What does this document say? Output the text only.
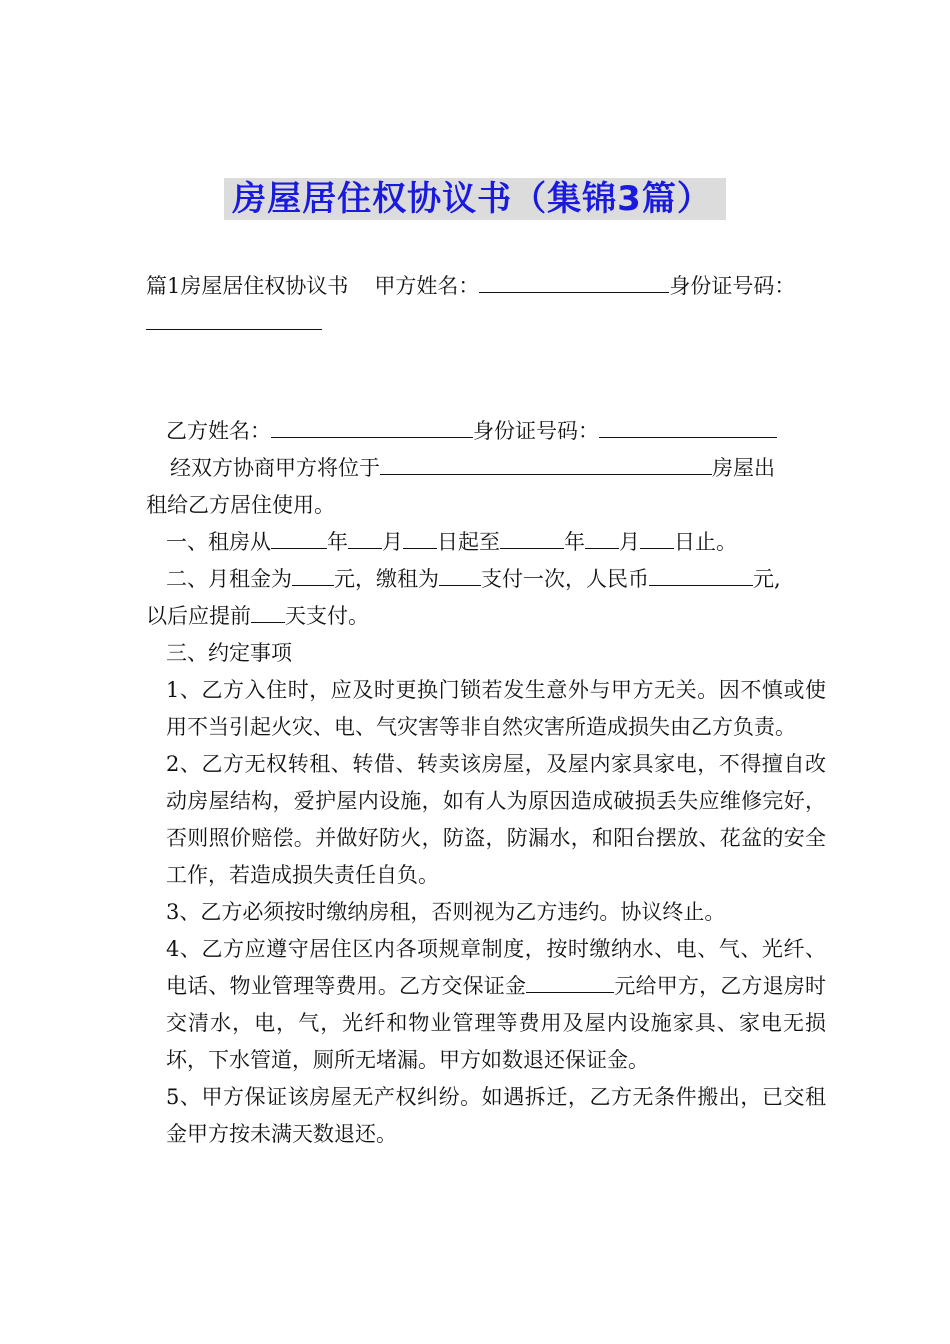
房屋居住权协议书（集锦3篇）
篇1房屋居住权协议书 甲方姓名：	身份证号码：
乙方姓名：	身份证号码：
经双方协商甲方将位于	房屋出
租给乙方居住使用。
一、租房从	年 月 日起至	年 月 日止。
二、月租金为 元，缴租为 支付一次，人民币	元,
以后应提前 天支付。
三、约定事项
1、乙方入住时，应及时更换门锁若发生意外与甲方无关。因不慎或使用不当引起火灾、电、气灾害等非自然灾害所造成损失由乙方负责。
2、乙方无权转租、转借、转卖该房屋，及屋内家具家电，不得擅自改动房屋结构，爱护屋内设施，如有人为原因造成破损丢失应维修完好，否则照价赔偿。并做好防火，防盗，防漏水，和阳台摆放、花盆的安全工作，若造成损失责任自负。
3、乙方必须按时缴纳房租，否则视为乙方违约。协议终止。
4、乙方应遵守居住区内各项规章制度，按时缴纳水、电、气、光纤、电话、物业管理等费用。乙方交保证金	元给甲方，乙方退房时交清水，电，气，光纤和物业管理等费用及屋内设施家具、家电无损坏，下水管道，厕所无堵漏。甲方如数退还保证金。
5、甲方保证该房屋无产权纠纷。如遇拆迁，乙方无条件搬出，已交租金甲方按未满天数退还。
